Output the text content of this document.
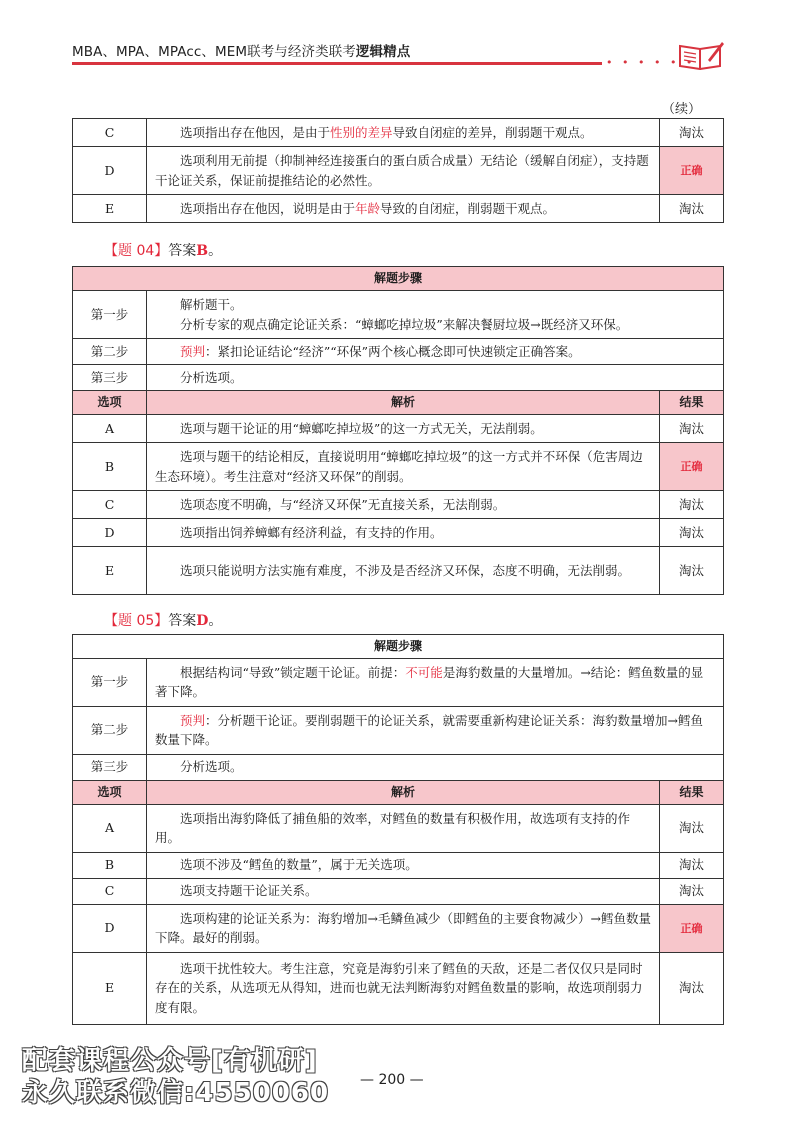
MBA、MPA、MPAcc、MEM联考与经济类联考逻辑精点
• • • • • •
（续）
C	选项指出存在他因，是由于性别的差异导致自闭症的差异，削弱题干观点。	淘汰
D	选项利用无前提（抑制神经连接蛋白的蛋白质合成量）无结论（缓解自闭症），支持题干论证关系，保证前提推结论的必然性。	正确
E	选项指出存在他因，说明是由于年龄导致的自闭症，削弱题干观点。	淘汰
【题 04】答案B。
解题步骤		
第一步	解析题干。
分析专家的观点确定论证关系：“蟑螂吃掉垃圾”来解决餐厨垃圾→既经济又环保。	

第二步	预判：紧扣论证结论“经济”“环保”两个核心概念即可快速锁定正确答案。	
第三步	分析选项。	
选项	解析	结果
A	选项与题干论证的用“蟑螂吃掉垃圾”的这一方式无关，无法削弱。	淘汰
B	选项与题干的结论相反，直接说明用“蟑螂吃掉垃圾”的这一方式并不环保（危害周边生态环境）。考生注意对“经济又环保”的削弱。	正确
C	选项态度不明确，与“经济又环保”无直接关系，无法削弱。	淘汰
D	选项指出饲养蟑螂有经济利益，有支持的作用。	淘汰
E	选项只能说明方法实施有难度，不涉及是否经济又环保，态度不明确，无法削弱。	淘汰
【题 05】答案D。
解题步骤		
第一步	根据结构词“导致”锁定题干论证。前提：不可能是海豹数量的大量增加。→结论：鳕鱼数量的显著下降。	
第二步	预判：分析题干论证。要削弱题干的论证关系，就需要重新构建论证关系：海豹数量增加→鳕鱼数量下降。	
第三步	分析选项。	
选项	解析	结果
A	选项指出海豹降低了捕鱼船的效率，对鳕鱼的数量有积极作用，故选项有支持的作用。	淘汰
B	选项不涉及“鳕鱼的数量”，属于无关选项。	淘汰
C	选项支持题干论证关系。	淘汰
D	选项构建的论证关系为：海豹增加→毛鳞鱼减少（即鳕鱼的主要食物减少）→鳕鱼数量下降。最好的削弱。	正确
E	选项干扰性较大。考生注意，究竟是海豹引来了鳕鱼的天敌，还是二者仅仅只是同时存在的关系，从选项无从得知，进而也就无法判断海豹对鳕鱼数量的影响，故选项削弱力度有限。	淘汰
— 200 —
配套课程公众号[有机研]
永久联系微信:4550060
